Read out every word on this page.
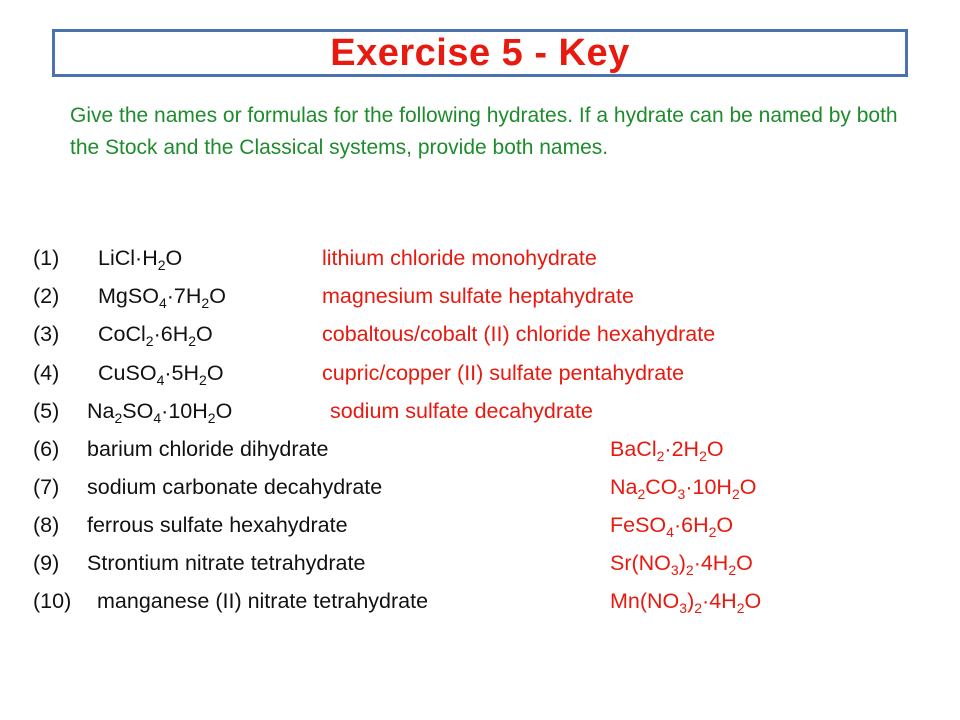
Exercise 5 - Key

Give the names or formulas for the following hydrates. If a hydrate can be named by both the Stock and the Classical systems, provide both names.

(1) $LiCl\cdot H_2O$	lithium chloride monohydrate
(2) $MgSO_4\cdot 7H_2O$	magnesium sulfate heptahydrate
(3) $CoCl_2\cdot 6H_2O$	cobaltous/cobalt (II) chloride hexahydrate
(4) $CuSO_4\cdot 5H_2O$	cupric/copper (II) sulfate pentahydrate
(5) $Na_2SO_4\cdot 10H_2O$	sodium sulfate decahydrate
(6) barium chloride dihydrate	$BaCl_2\cdot 2H_2O$
(7) sodium carbonate decahydrate	$Na_2CO_3\cdot 10H_2O$
(8) ferrous sulfate hexahydrate	$FeSO_4\cdot 6H_2O$
(9) Strontium nitrate tetrahydrate	$Sr(NO_3)_2\cdot 4H_2O$
(10) manganese (II) nitrate tetrahydrate	$Mn(NO_3)_2\cdot 4H_2O$
